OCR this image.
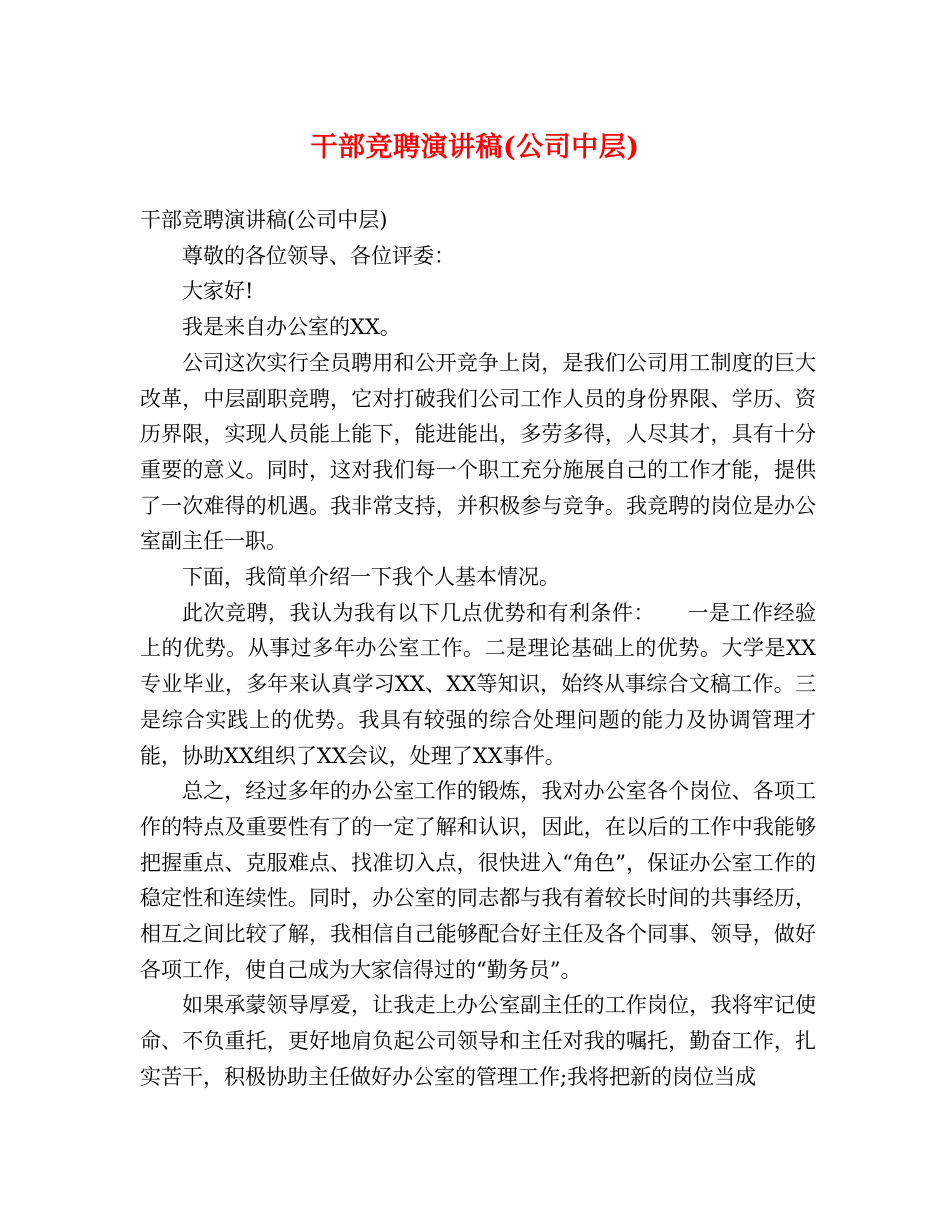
干部竞聘演讲稿(公司中层)

干部竞聘演讲稿(公司中层)

尊敬的各位领导、各位评委：

大家好!

我是来自办公室的XX。

公司这次实行全员聘用和公开竞争上岗，是我们公司用工制度的巨大改革，中层副职竞聘，它对打破我们公司工作人员的身份界限、学历、资历界限，实现人员能上能下，能进能出，多劳多得，人尽其才，具有十分重要的意义。同时，这对我们每一个职工充分施展自己的工作才能，提供了一次难得的机遇。我非常支持，并积极参与竞争。我竞聘的岗位是办公室副主任一职。

下面，我简单介绍一下我个人基本情况。

此次竞聘，我认为我有以下几点优势和有利条件：　　一是工作经验上的优势。从事过多年办公室工作。二是理论基础上的优势。大学是XX专业毕业，多年来认真学习XX、XX等知识，始终从事综合文稿工作。三是综合实践上的优势。我具有较强的综合处理问题的能力及协调管理才能，协助XX组织了XX会议，处理了XX事件。

总之，经过多年的办公室工作的锻炼，我对办公室各个岗位、各项工作的特点及重要性有了的一定了解和认识，因此，在以后的工作中我能够把握重点、克服难点、找准切入点，很快进入“角色”，保证办公室工作的稳定性和连续性。同时，办公室的同志都与我有着较长时间的共事经历，相互之间比较了解，我相信自己能够配合好主任及各个同事、领导，做好各项工作，使自己成为大家信得过的“勤务员”。

如果承蒙领导厚爱，让我走上办公室副主任的工作岗位，我将牢记使命、不负重托，更好地肩负起公司领导和主任对我的嘱托，勤奋工作，扎实苦干，积极协助主任做好办公室的管理工作;我将把新的岗位当成
